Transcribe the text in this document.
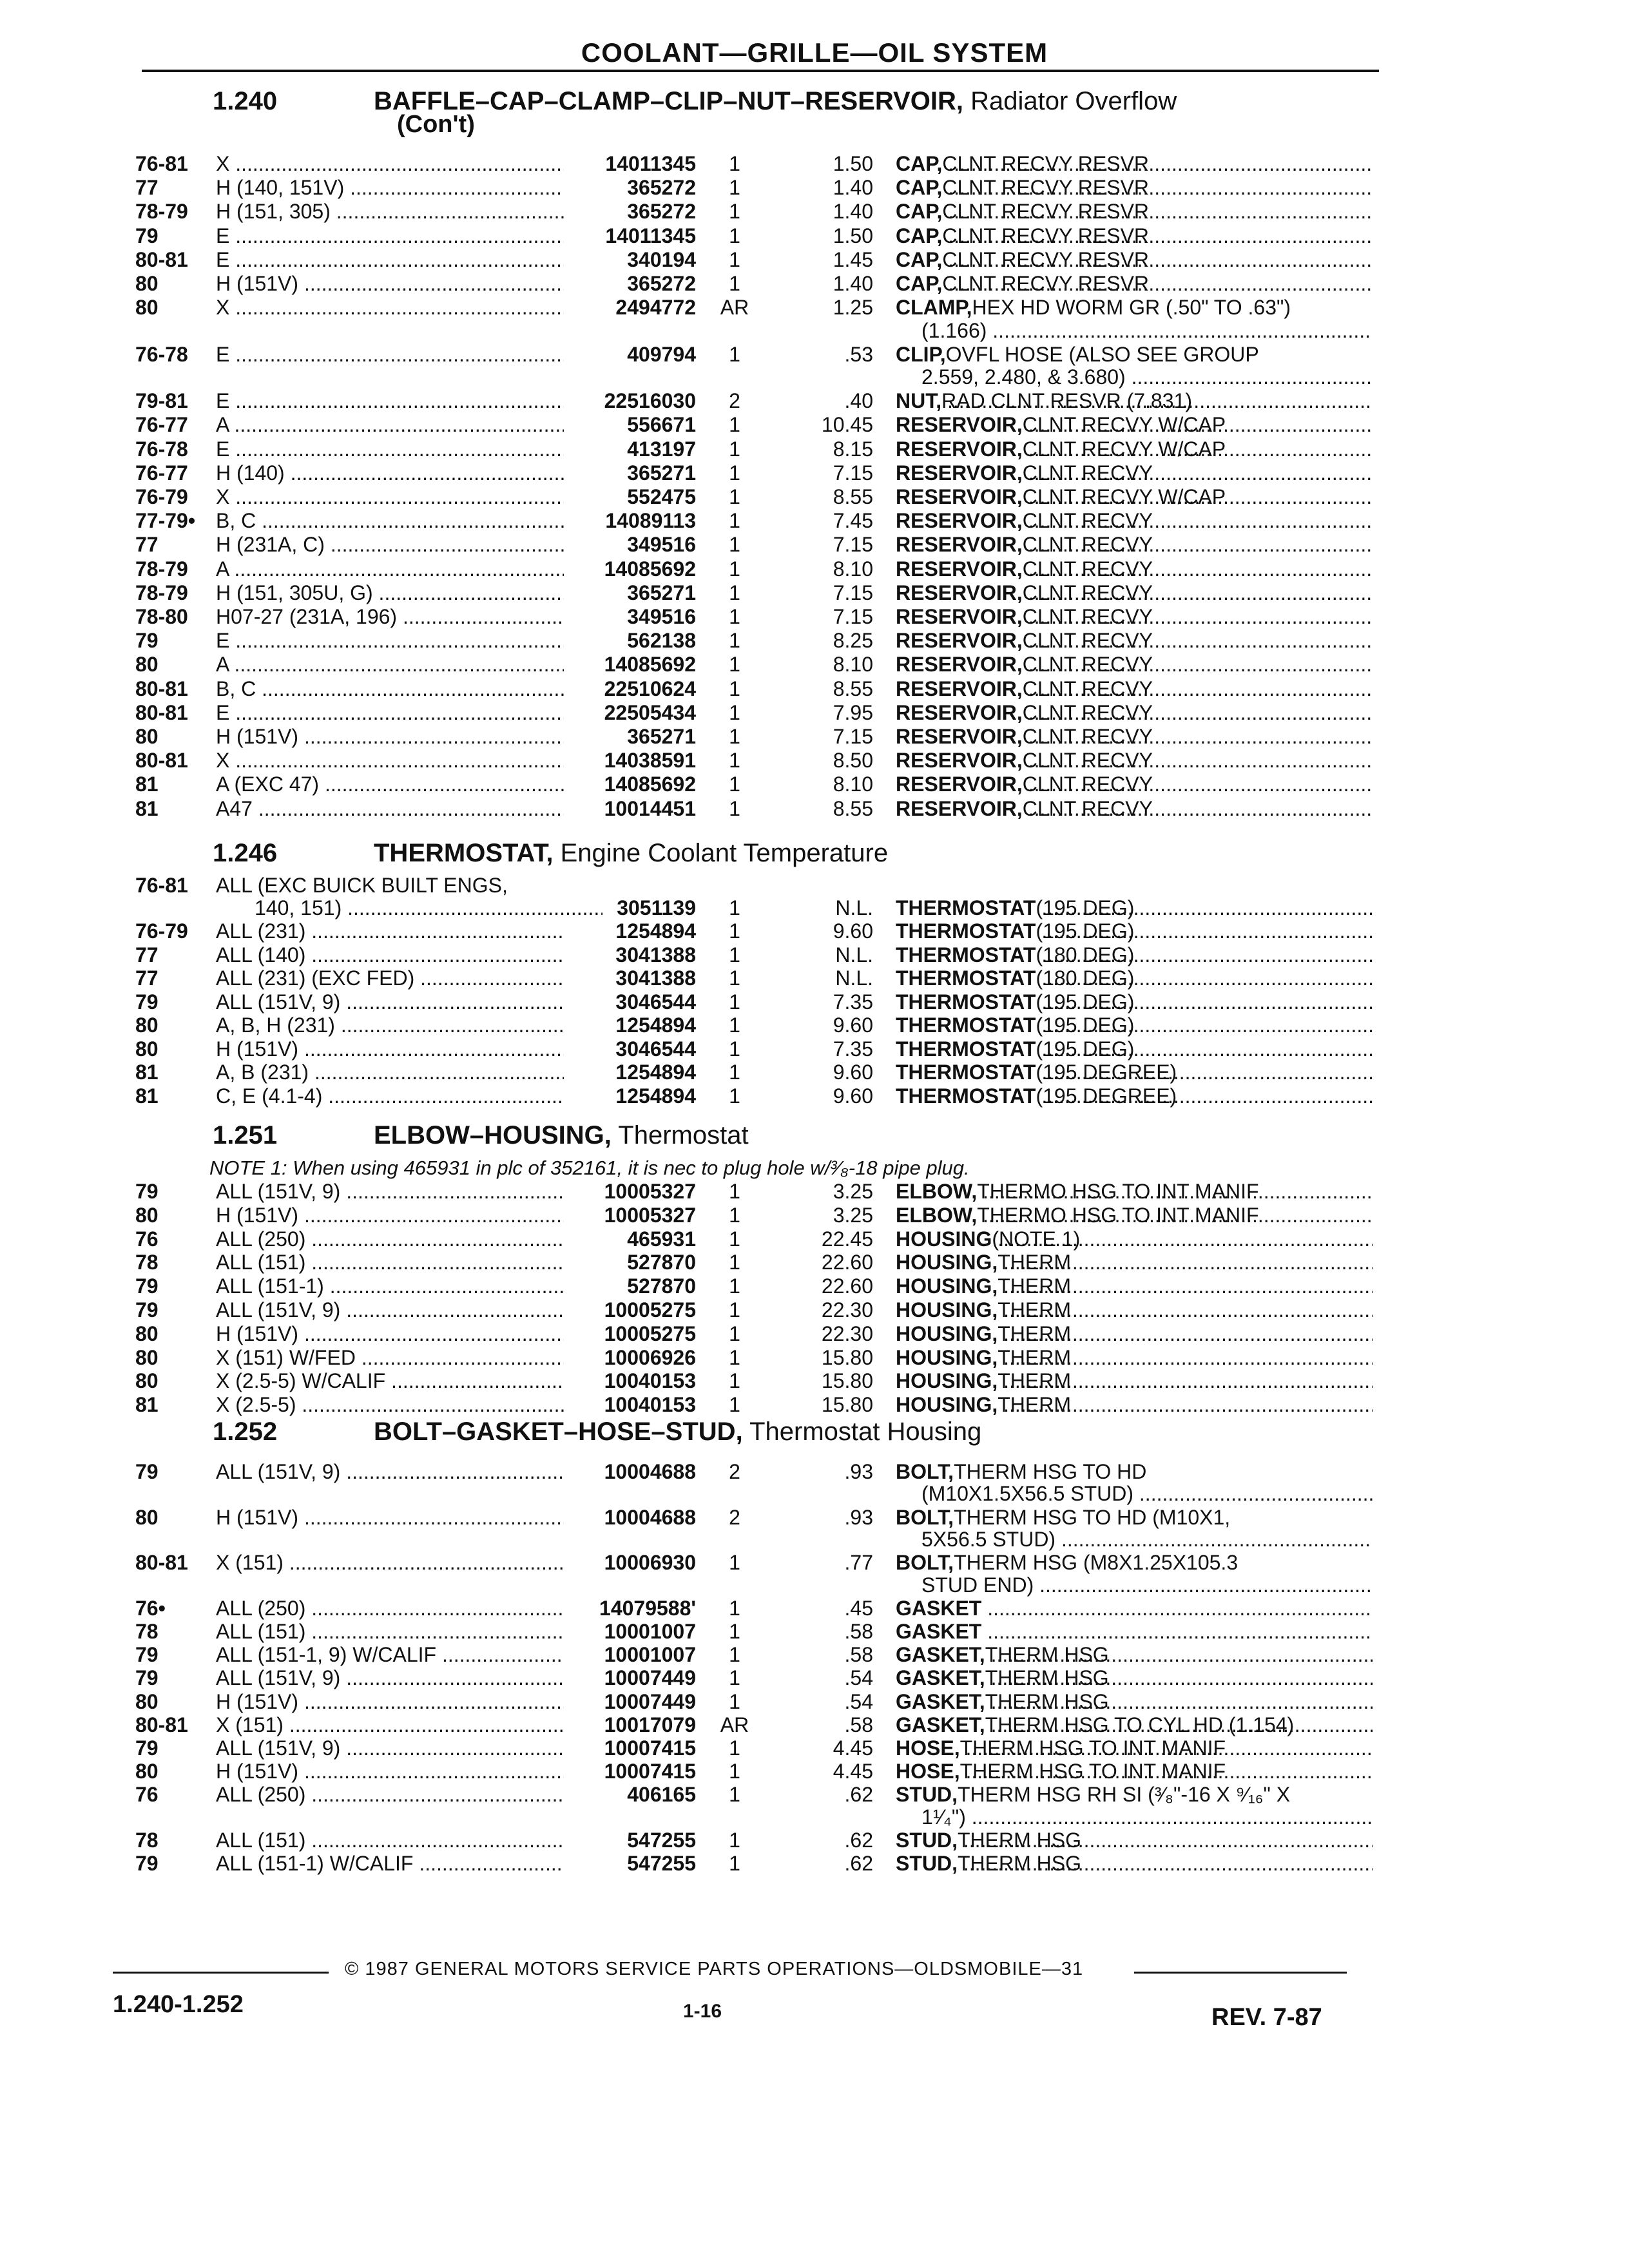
COOLANT—GRILLE—OIL SYSTEM
1.240	BAFFLE–CAP–CLAMP–CLIP–NUT–RESERVOIR, Radiator Overflow
(Con't)
76-81 X .....	14011345	1	1.50 CAP, CLNT RECVY RESVR
.....
77	H (140, 151V) .....	365272	1	1.40 CAP, CLNT RECVY RESVR
.....
78-79 H (151, 305) .....	365272	1	1.40 CAP, CLNT RECVY RESVR
.....
79	E .....	14011345	1	1.50 CAP, CLNT RECVY RESVR
.....
80-81 E .....	340194	1	1.45 CAP, CLNT RECVY RESVR
.....
80	H (151V) .....	365272	1	1.40 CAP, CLNT RECVY RESVR
.....
80	X .....	2494772	AR	1.25 CLAMP, HEX HD WORM GR (.50" TO .63")
(1.166) .....
76-78 E .....	409794	1	.53 CLIP, OVFL HOSE (ALSO SEE GROUP
2.559, 2.480, & 3.680) .....
79-81 E .....	22516030	2	.40 NUT, RAD CLNT RESVR (7.831)
.....
76-77 A .....	556671	1	10.45 RESERVOIR, CLNT RECVY W/CAP
.....
76-78 E .....	413197	1	8.15 RESERVOIR, CLNT RECVY W/CAP
.....
76-77 H (140) .....	365271	1	7.15 RESERVOIR, CLNT RECVY
.....
76-79 X .....	552475	1	8.55 RESERVOIR, CLNT RECVY W/CAP
.....
77-79• B, C .....	14089113	1	7.45 RESERVOIR, CLNT RECVY
.....
77	H (231A, C) .....	349516	1	7.15 RESERVOIR, CLNT RECVY
.....
78-79 A .....	14085692	1	8.10 RESERVOIR, CLNT RECVY
.....
78-79 H (151, 305U, G) .....	365271	1	7.15 RESERVOIR, CLNT RECVY
.....
78-80 H07-27 (231A, 196) .....	349516	1	7.15 RESERVOIR, CLNT RECVY
.....
79	E .....	562138	1	8.25 RESERVOIR, CLNT RECVY
.....
80	A .....	14085692	1	8.10 RESERVOIR, CLNT RECVY
.....
80-81 B, C .....	22510624	1	8.55 RESERVOIR, CLNT RECVY
.....
80-81 E .....	22505434	1	7.95 RESERVOIR, CLNT RECVY
.....
80	H (151V) .....	365271	1	7.15 RESERVOIR, CLNT RECVY
.....
80-81 X .....	14038591	1	8.50 RESERVOIR, CLNT RECVY
.....
81	A (EXC 47) .....	14085692	1	8.10 RESERVOIR, CLNT RECVY
.....
81	A47 .....	10014451	1	8.55 RESERVOIR, CLNT RECVY
.....
1.246	THERMOSTAT, Engine Coolant Temperature
76-81 ALL (EXC BUICK BUILT ENGS,
140, 151) .....	3051139	1	N.L. THERMOSTAT (195 DEG)
.....
76-79 ALL (231) .....	1254894	1	9.60 THERMOSTAT (195 DEG)
.....
77	ALL (140) .....	3041388	1	N.L. THERMOSTAT (180 DEG)
.....
77	ALL (231) (EXC FED) .....	3041388	1	N.L. THERMOSTAT (180 DEG)
.....
79	ALL (151V, 9) .....	3046544	1	7.35 THERMOSTAT (195 DEG)
.....
80	A, B, H (231) .....	1254894	1	9.60 THERMOSTAT (195 DEG)
.....
80	H (151V) .....	3046544	1	7.35 THERMOSTAT (195 DEG)
.....
81	A, B (231) .....	1254894	1	9.60 THERMOSTAT (195 DEGREE)
.....
81	C, E (4.1-4) .....	1254894	1	9.60 THERMOSTAT (195 DEGREE)
.....
1.251	ELBOW–HOUSING, Thermostat
NOTE 1: When using 465931 in plc of 352161, it is nec to plug hole w/³⁄₈-18 pipe plug.
79	ALL (151V, 9) .....	10005327	1	3.25 ELBOW, THERMO HSG TO INT MANIF
.....
80	H (151V) .....	10005327	1	3.25 ELBOW, THERMO HSG TO INT MANIF
.....
76	ALL (250) .....	465931	1	22.45 HOUSING (NOTE 1)
.....
78	ALL (151) .....	527870	1	22.60 HOUSING, THERM
.....
79	ALL (151-1) .....	527870	1	22.60 HOUSING, THERM
.....
79	ALL (151V, 9) .....	10005275	1	22.30 HOUSING, THERM
.....
80	H (151V) .....	10005275	1	22.30 HOUSING, THERM
.....
80	X (151) W/FED .....	10006926	1	15.80 HOUSING, THERM
.....
80	X (2.5-5) W/CALIF .....	10040153	1	15.80 HOUSING, THERM
.....
81	X (2.5-5) .....	10040153	1	15.80 HOUSING, THERM
.....
1.252	BOLT–GASKET–HOSE–STUD, Thermostat Housing
79	ALL (151V, 9) .....	10004688	2	.93 BOLT, THERM HSG TO HD
(M10X1.5X56.5 STUD) .....
80	H (151V) .....	10004688	2	.93 BOLT, THERM HSG TO HD (M10X1,
5X56.5 STUD) .....
80-81 X (151) .....	10006930	1	.77 BOLT, THERM HSG (M8X1.25X105.3
STUD END) .....
76• ALL (250) .....	14079588'	1	.45 GASKET
.....
78	ALL (151) .....	10001007	1	.58 GASKET
.....
79	ALL (151-1, 9) W/CALIF .....	10001007	1	.58 GASKET, THERM HSG
.....
79	ALL (151V, 9) .....	10007449	1	.54 GASKET, THERM HSG
.....
80	H (151V) .....	10007449	1	.54 GASKET, THERM HSG
.....
80-81 X (151) .....	10017079	AR	.58 GASKET, THERM HSG TO CYL HD (1.154)
.....
79	ALL (151V, 9) .....	10007415	1	4.45 HOSE, THERM HSG TO INT MANIF
.....
80	H (151V) .....	10007415	1	4.45 HOSE, THERM HSG TO INT MANIF
.....
76	ALL (250) .....	406165	1	.62 STUD, THERM HSG RH SI (³⁄₈"-16 X ⁹⁄₁₆" X
1¹⁄₄") .....
78	ALL (151) .....	547255	1	.62 STUD, THERM HSG
.....
79	ALL (151-1) W/CALIF .....	547255	1	.62 STUD, THERM HSG
.....
© 1987 GENERAL MOTORS SERVICE PARTS OPERATIONS—OLDSMOBILE—31
1.240-1.252	1-16	REV. 7-87
